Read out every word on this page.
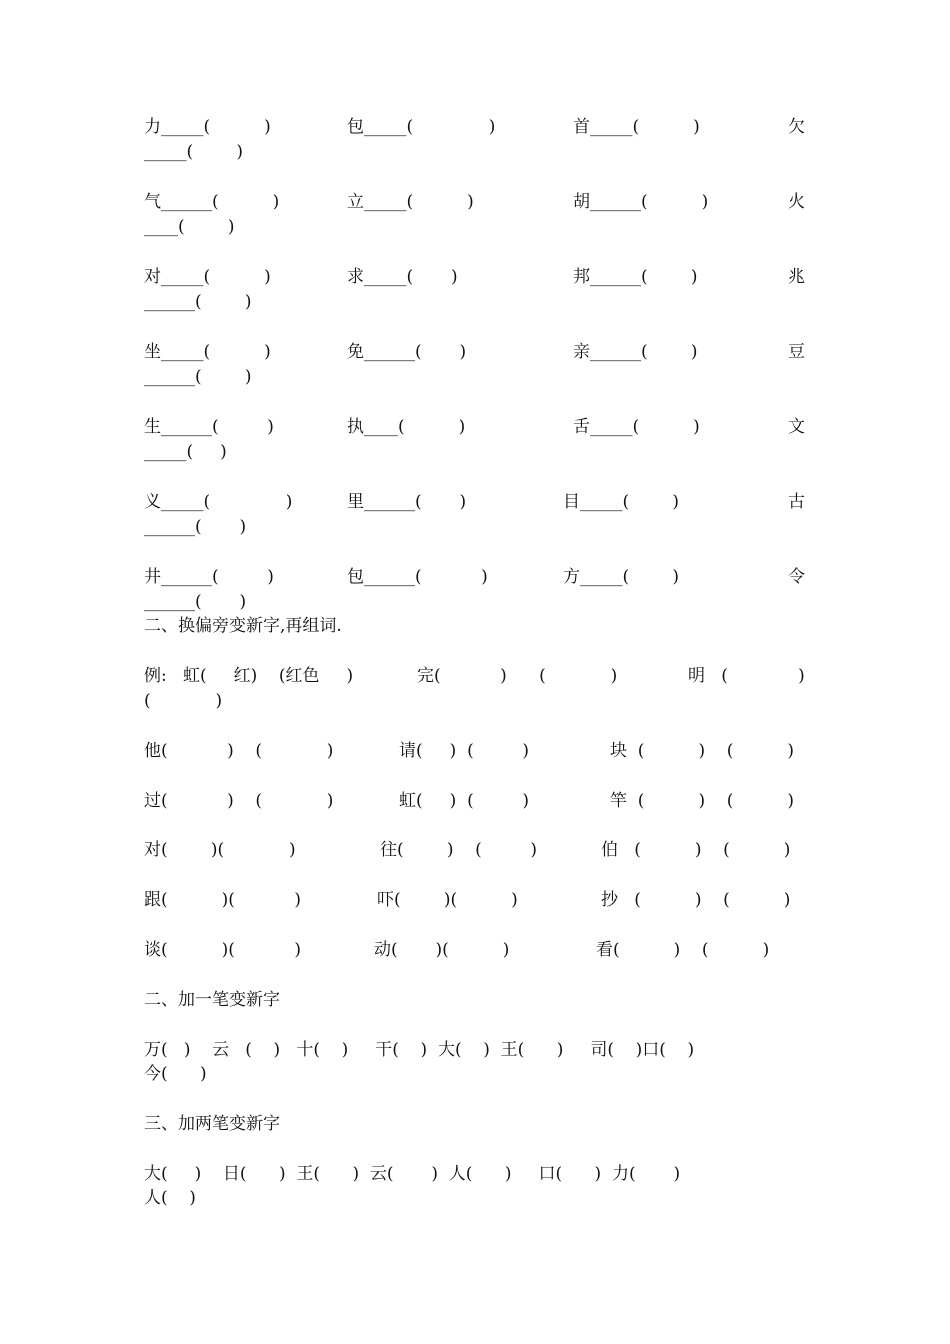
力_____(          )	包_____(              )	首_____(          )	欠
_____(        )
气______(          )	立_____(          )	胡______(          )	火
____(        )
对_____(          )	求_____(       )	邦______(        )	兆
______(        )
坐_____(          )	免______(       )	亲______(        )	豆
______(        )
生______(         )	执____(          )	舌_____(          )	文
_____(     )
义_____(              )	里______(       )	目_____(        )	古
______(       )
井______(         )	包______(           )	方_____(        )	令
______(       )
二、换偏旁变新字,再组词.
例:   虹(     红)    (红色     )	完(           )      (            )	明   (             )
(            )
他(           )    (            )	请(     )  (         )	块  (          )    (          )
过(           )    (            )	虹(     )  (         )	竿  (          )    (          )
对(        )(            )	往(        )    (         )	伯   (          )    (          )
跟(          )(           )	吓(        )(          )	抄   (          )    (          )
谈(          )(           )	动(       )(          )	看(          )    (          )
二、加一笔变新字
万(   )    云   (    )   十(    )     干(    )  大(    )  王(      )     司(    )口(    )
今(      )
三、加两笔变新字
大(     )    日(      )  王(      )  云(       )  人(      )     口(      )  力(       )
人(    )
